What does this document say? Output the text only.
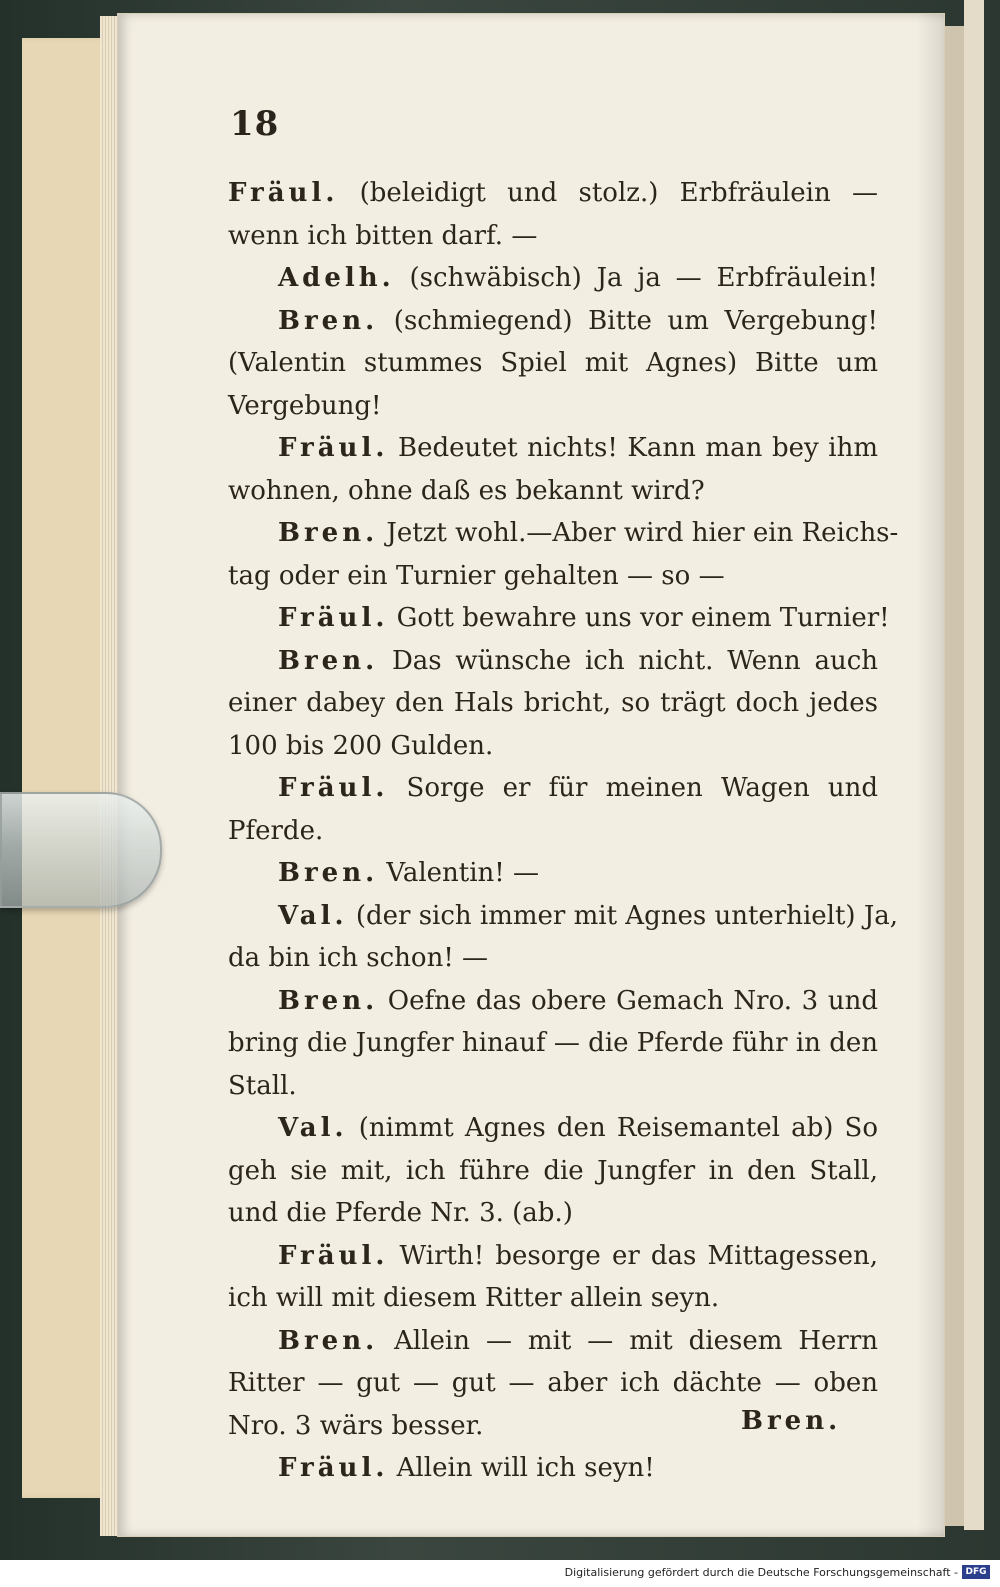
18
Fräul. (beleidigt und stolz.) Erbfräulein —
wenn ich bitten darf. —
Adelh. (schwäbisch) Ja ja — Erbfräulein!
Bren. (schmiegend) Bitte um Vergebung!
(Valentin stummes Spiel mit Agnes) Bitte um
Vergebung!
Fräul. Bedeutet nichts! Kann man bey ihm
wohnen, ohne daß es bekannt wird?
Bren. Jetzt wohl.—Aber wird hier ein Reichs-
tag oder ein Turnier gehalten — so —
Fräul. Gott bewahre uns vor einem Turnier!
Bren. Das wünsche ich nicht. Wenn auch
einer dabey den Hals bricht, so trägt doch jedes
100 bis 200 Gulden.
Fräul. Sorge er für meinen Wagen und
Pferde.
Bren. Valentin! —
Val. (der sich immer mit Agnes unterhielt) Ja,
da bin ich schon! —
Bren. Oefne das obere Gemach Nro. 3 und
bring die Jungfer hinauf — die Pferde führ in den
Stall.
Val. (nimmt Agnes den Reisemantel ab) So
geh sie mit, ich führe die Jungfer in den Stall,
und die Pferde Nr. 3. (ab.)
Fräul. Wirth! besorge er das Mittagessen,
ich will mit diesem Ritter allein seyn.
Bren. Allein — mit — mit diesem Herrn
Ritter — gut — gut — aber ich dächte — oben
Nro. 3 wärs besser.
Fräul. Allein will ich seyn!
Bren.
Digitalisierung gefördert durch die Deutsche Forschungsgemeinschaft - DFG
